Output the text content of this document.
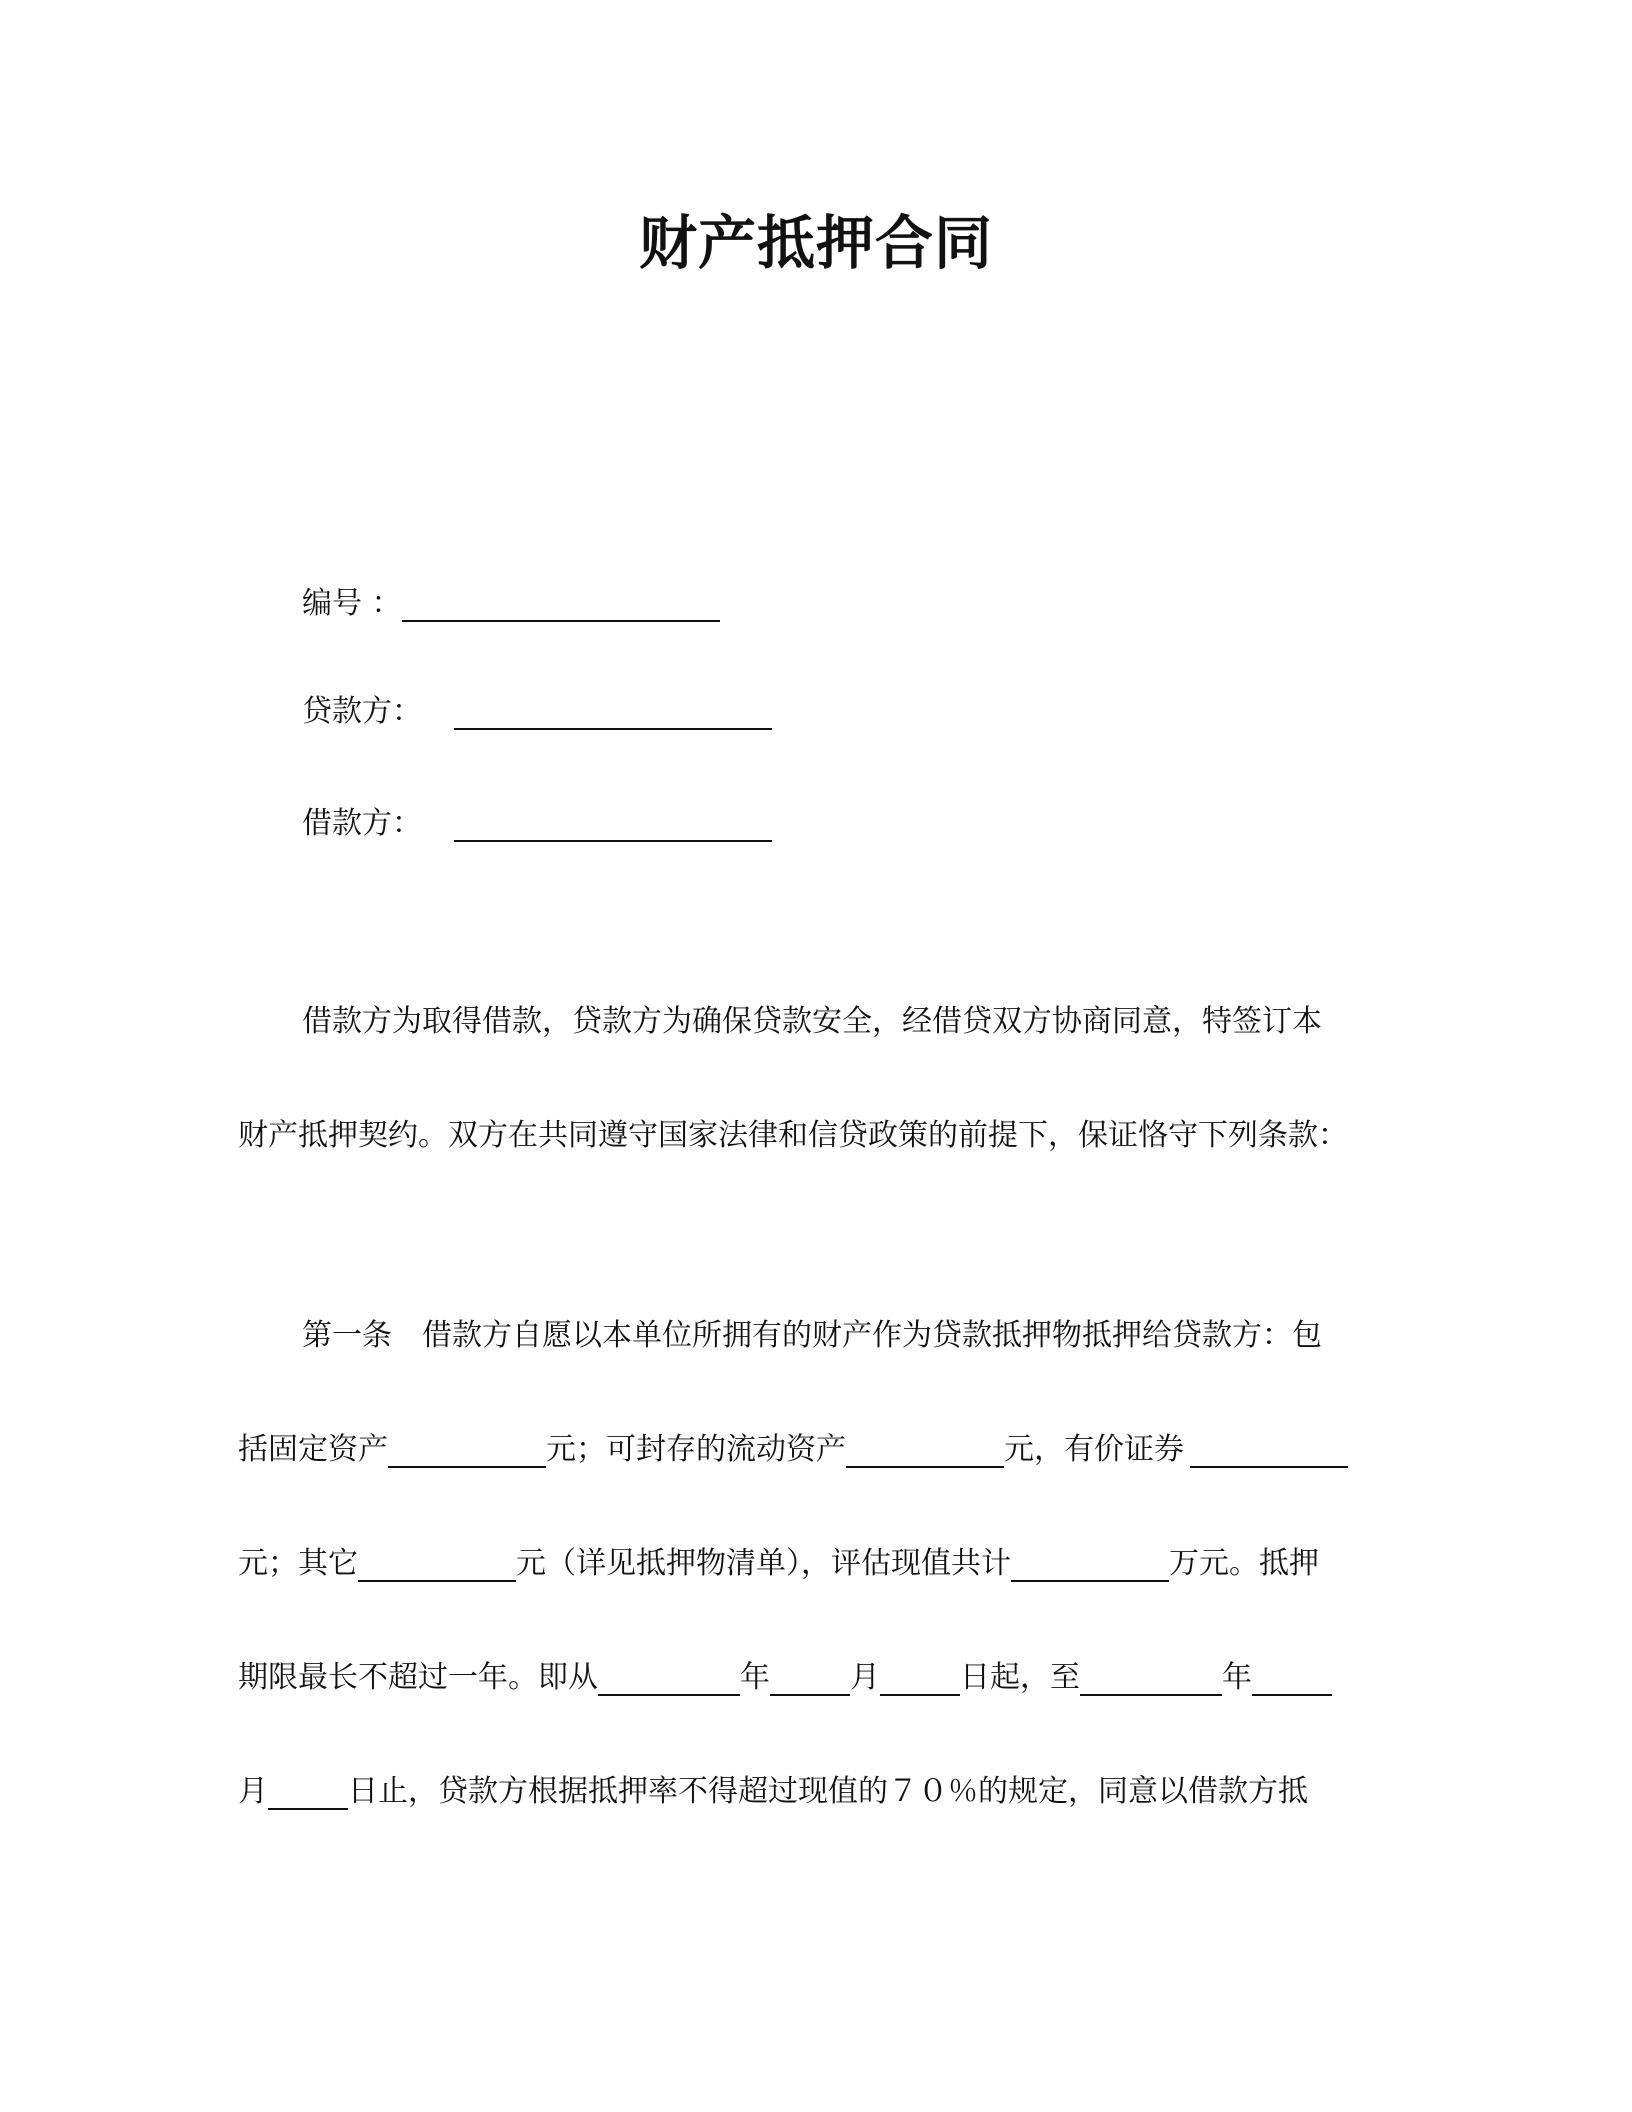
财产抵押合同
编号 ：
贷款方：
借款方：
借款方为取得借款，贷款方为确保贷款安全，经借贷双方协商同意，特签订本
财产抵押契约。双方在共同遵守国家法律和信贷政策的前提下，保证恪守下列条款：
第一条　借款方自愿以本单位所拥有的财产作为贷款抵押物抵押给贷款方：包
括固定资产	元；可封存的流动资产	元，有价证券
元；其它	元（详见抵押物清单），评估现值共计	万元。抵押
期限最长不超过一年。即从	年	月	日起，至	年
月	日止，贷款方根据抵押率不得超过现值的７０％的规定，同意以借款方抵
